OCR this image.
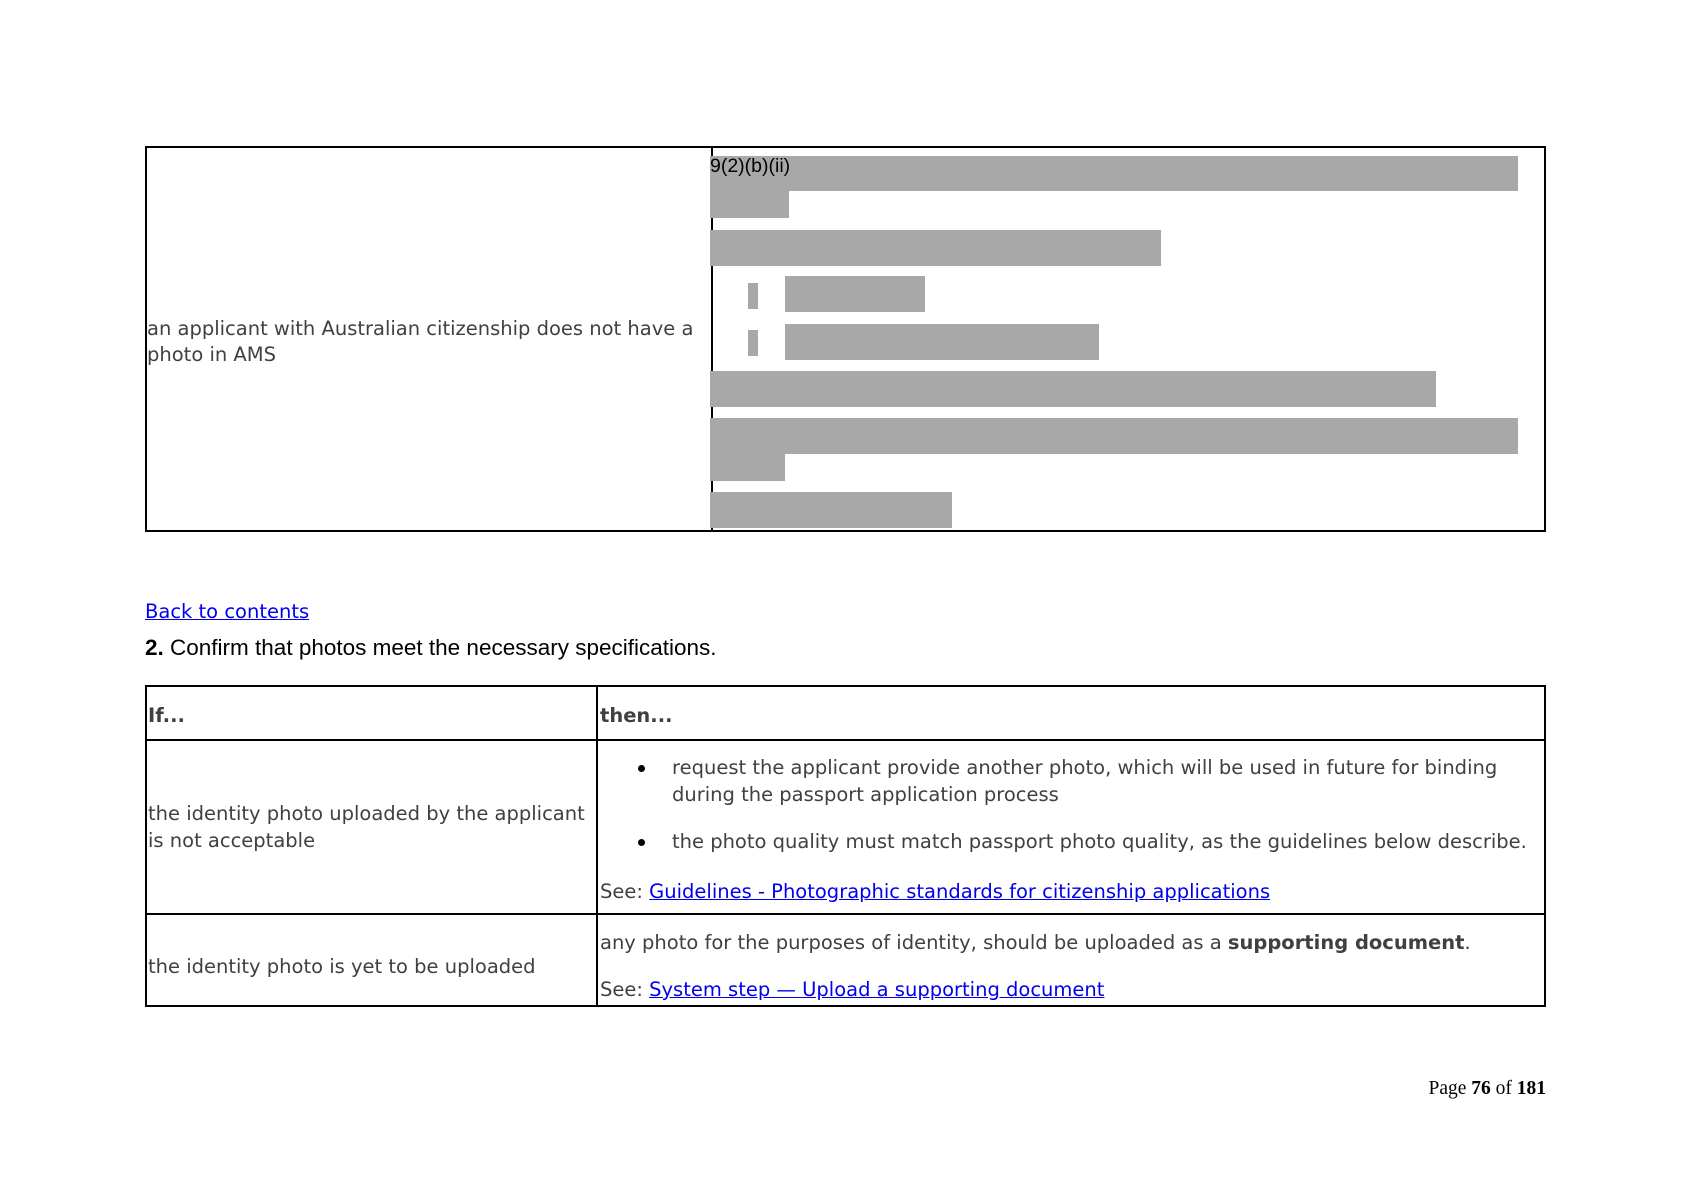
an applicant with Australian citizenship does not have a photo in AMS
9(2)(b)(ii)
Back to contents
2. Confirm that photos meet the necessary specifications.
If...	then...
the identity photo uploaded by the applicant is not acceptable
request the applicant provide another photo, which will be used in future for binding during the passport application process
the photo quality must match passport photo quality, as the guidelines below describe.
See: Guidelines - Photographic standards for citizenship applications
the identity photo is yet to be uploaded
any photo for the purposes of identity, should be uploaded as a supporting document.
See: System step — Upload a supporting document
Page 76 of 181
